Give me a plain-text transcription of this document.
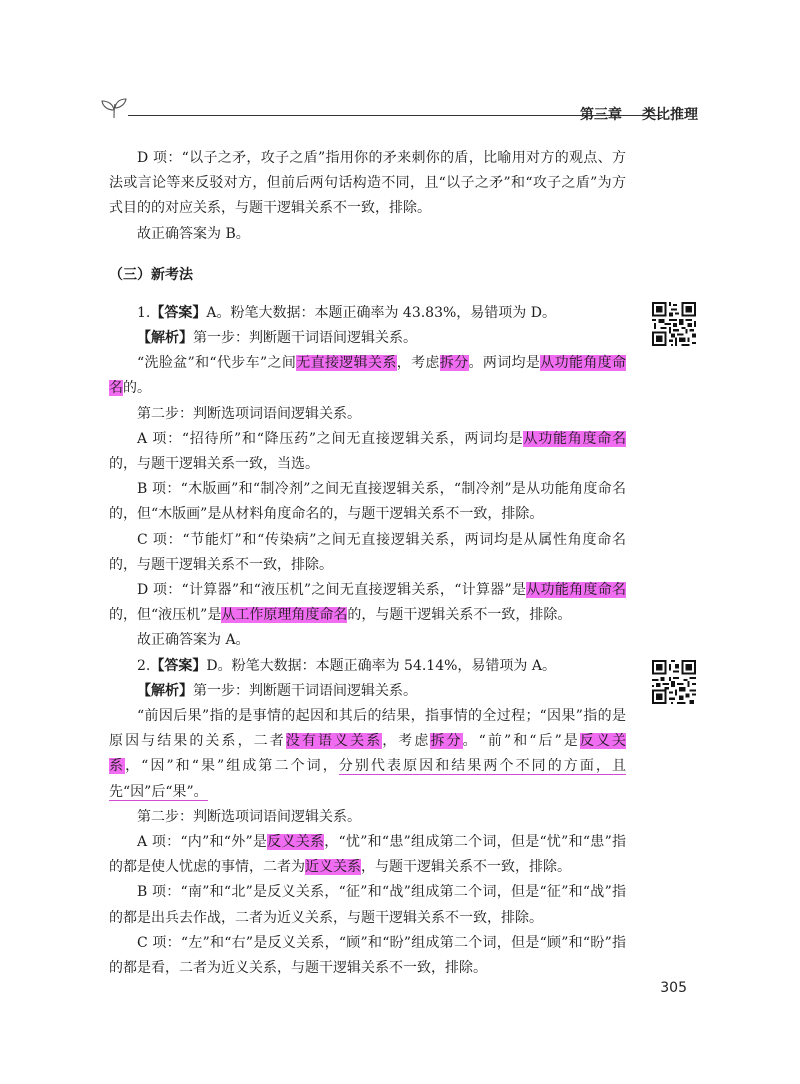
第三章 类比推理

D 项：“以子之矛，攻子之盾”指用你的矛来刺你的盾，比喻用对方的观点、方法或言论等来反驳对方，但前后两句话构造不同，且“以子之矛”和“攻子之盾”为方式目的的对应关系，与题干逻辑关系不一致，排除。

故正确答案为 B。

（三）新考法

1.【答案】A。粉笔大数据：本题正确率为 43.83%，易错项为 D。

【解析】第一步：判断题干词语间逻辑关系。

“洗脸盆”和“代步车”之间无直接逻辑关系，考虑拆分。两词均是从功能角度命名的。

第二步：判断选项词语间逻辑关系。

A 项：“招待所”和“降压药”之间无直接逻辑关系，两词均是从功能角度命名的，与题干逻辑关系一致，当选。

B 项：“木版画”和“制冷剂”之间无直接逻辑关系，“制冷剂”是从功能角度命名的，但“木版画”是从材料角度命名的，与题干逻辑关系不一致，排除。

C 项：“节能灯”和“传染病”之间无直接逻辑关系，两词均是从属性角度命名的，与题干逻辑关系不一致，排除。

D 项：“计算器”和“液压机”之间无直接逻辑关系，“计算器”是从功能角度命名的，但“液压机”是从工作原理角度命名的，与题干逻辑关系不一致，排除。

故正确答案为 A。

2.【答案】D。粉笔大数据：本题正确率为 54.14%，易错项为 A。

【解析】第一步：判断题干词语间逻辑关系。

“前因后果”指的是事情的起因和其后的结果，指事情的全过程；“因果”指的是原因与结果的关系，二者没有语义关系，考虑拆分。“前”和“后”是反义关系，“因”和“果”组成第二个词，分别代表原因和结果两个不同的方面，且先“因”后“果”。

第二步：判断选项词语间逻辑关系。

A 项：“内”和“外”是反义关系，“忧”和“患”组成第二个词，但是“忧”和“患”指的都是使人忧虑的事情，二者为近义关系，与题干逻辑关系不一致，排除。

B 项：“南”和“北”是反义关系，“征”和“战”组成第二个词，但是“征”和“战”指的都是出兵去作战，二者为近义关系，与题干逻辑关系不一致，排除。

C 项：“左”和“右”是反义关系，“顾”和“盼”组成第二个词，但是“顾”和“盼”指的都是看，二者为近义关系，与题干逻辑关系不一致，排除。

305
